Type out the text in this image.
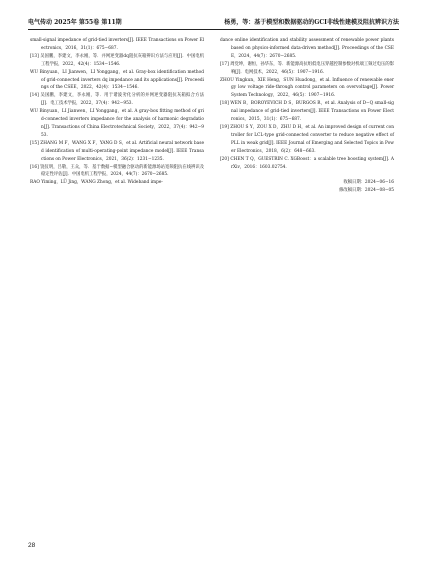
电气传动 2025年 第55卷 第11期	杨勇，等：基于模型和数据驱动的GCI非线性建模及阻抗辨识方法

small-signal impedance of grid-tied inverters[J]. IEEE Transactions on Power Electronics，2016，31(1)：675−687.

[13] 吴国鹏，李建文，李永刚，等．并网逆变器dq阻抗灰箱辨识方法与应用[J]．中国电机工程学报，2022，42(4)：1534−1546.

WU Binyuan，LI Jianwen，LI Yonggang，et al. Gray-box identification method of grid-connected inverters dq impedance and its applications[J]. Proceedings of the CSEE，2022，42(4)：1534−1546.

[14] 吴国鹏，李建文，李永刚，等．用于谐波劣化分析的并网逆变器阻抗灰箱拟合方法[J]．电工技术学报，2022，37(4)：942−953.

WU Binyuan，LI Jianwen，LI Yonggang，et al. A gray-box fitting method of grid-connected inverters impedance for the analysis of harmonic degradation[J]. Transactions of China Electrotechnical Society，2022，37(4)：942−953.

[15] ZHANG M F，WANG X F，YANG D S，et al. Artificial neural network based identification of multi-operating-point impedance model[J]. IEEE Transactions on Power Electronics，2021，36(2)：1231−1235.

[16] 饶仪明，吕敬，王众，等．基于数据−模型融合驱动的新能源场站宽频阻抗在线辨识及稳定性评估[J]．中国电机工程学报，2024，44(7)：2670−2685.

RAO Yiming，LÜ Jing，WANG Zhong，et al. Wideband impe-

dance online identification and stability assessment of renewable power plants based on physics-informed data-driven method[J]. Proceedings of the CSEE，2024，44(7)：2670−2685.

[17] 周党坤，谢恒，孙华东，等．新能源高抗组低电压穿越控制参数对机端工频过电压的影响[J]．电网技术，2022，46(5)：1907−1916.

ZHOU Yingkun，XIE Heng，SUN Huadong，et al. Influence of renewable energy low voltage ride-through control parameters on overvoltage[J]. Power System Technology，2022，46(5)：1907−1916.

[18] WEN B，BOROYEVICH D S，BURGOS R，et al. Analysis of D−Q small-signal impedance of grid-tied inverters[J]. IEEE Transactions on Power Electronics，2015，31(1)：675−687.

[19] ZHOU S Y，ZOU X D，ZHU D H，et al. An improved design of current controller for LCL-type grid-connected converter to reduce negative effect of PLL in weak grid[J]. IEEE Journal of Emerging and Selected Topics in Power Electronics，2018，6(2)：648−663.

[20] CHEN T Q，GUESTRIN C. XGBoost：a scalable tree boosting system[J]. ArXiv，2016：1603.02754.

收稿日期：2024−06−16
修改稿日期：2024−08−05
28
